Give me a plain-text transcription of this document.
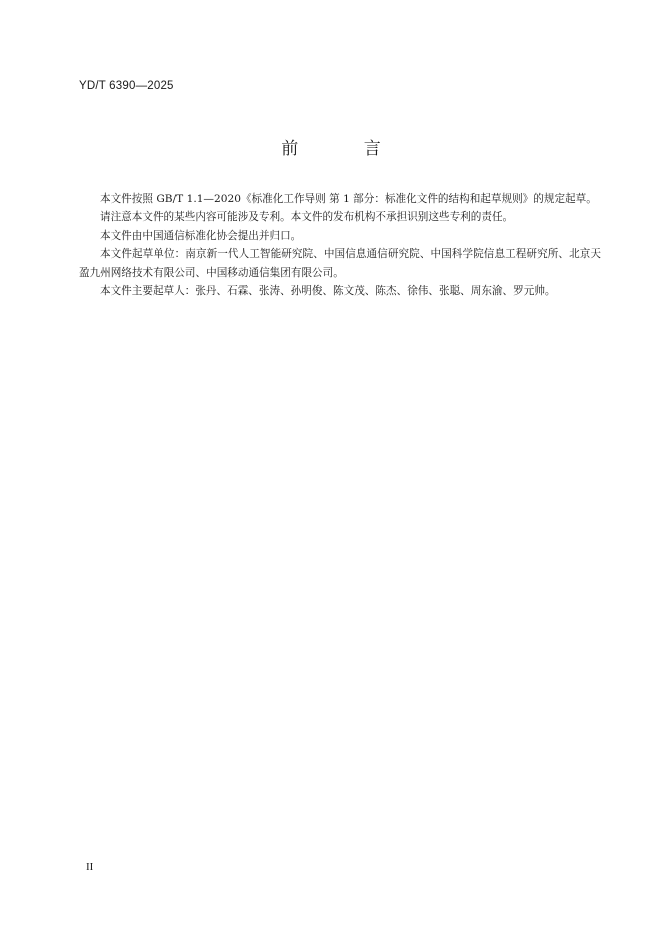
YD/T 6390—2025
前 言

本文件按照 GB/T 1.1—2020《标准化工作导则 第 1 部分：标准化文件的结构和起草规则》的规定起草。

请注意本文件的某些内容可能涉及专利。本文件的发布机构不承担识别这些专利的责任。

本文件由中国通信标准化协会提出并归口。

本文件起草单位：南京新一代人工智能研究院、中国信息通信研究院、中国科学院信息工程研究所、北京天盈九州网络技术有限公司、中国移动通信集团有限公司。

本文件主要起草人：张丹、石霖、张涛、孙明俊、陈文茂、陈杰、徐伟、张聪、周东渝、罗元帅。

II
